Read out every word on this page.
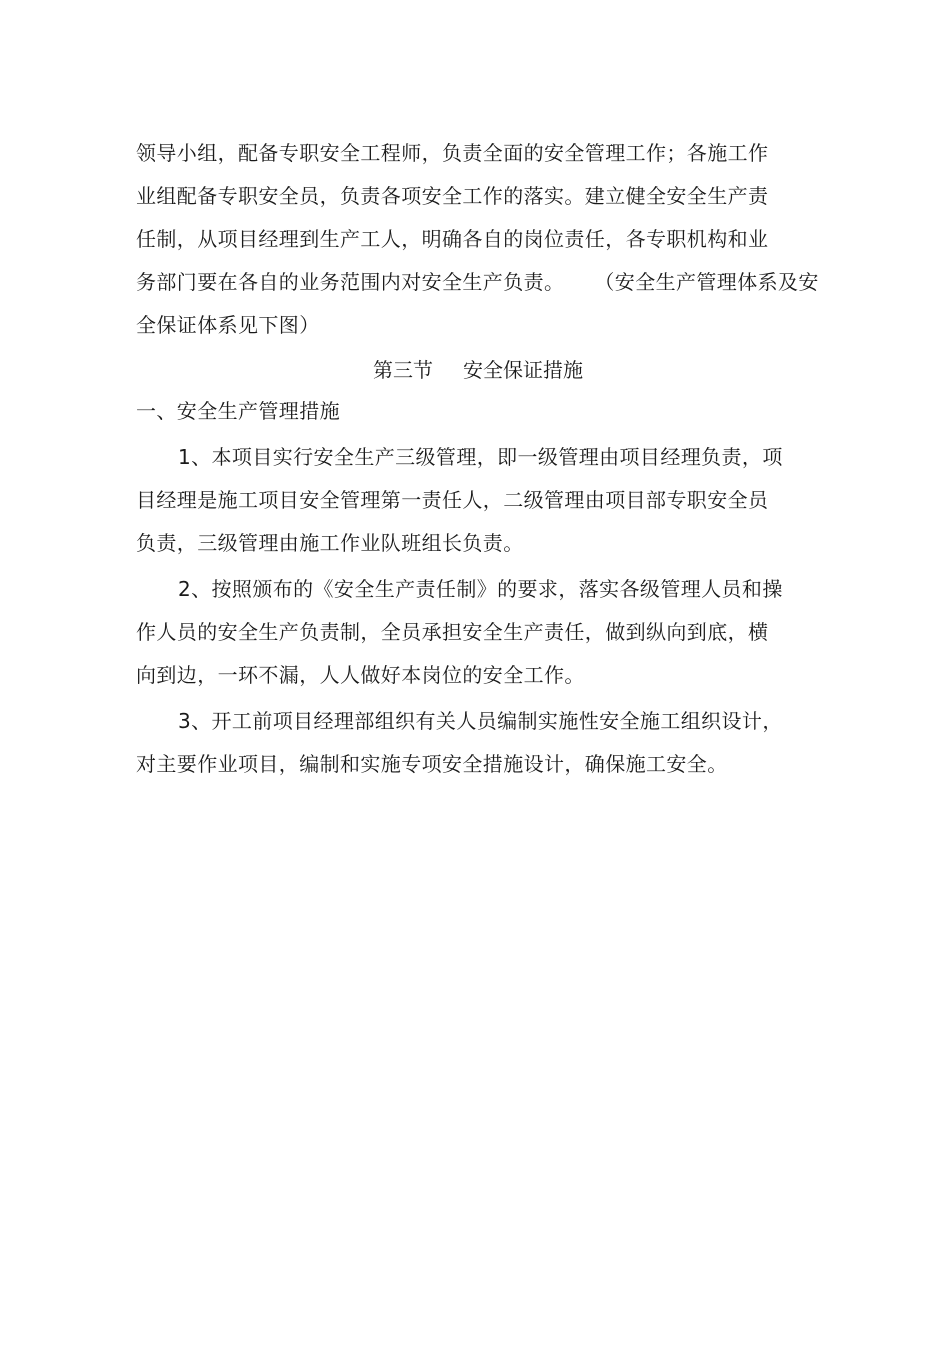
领导小组，配备专职安全工程师，负责全面的安全管理工作；各施工作
业组配备专职安全员，负责各项安全工作的落实。建立健全安全生产责
任制，从项目经理到生产工人，明确各自的岗位责任，各专职机构和业
务部门要在各自的业务范围内对安全生产负责。 （安全生产管理体系及安
全保证体系见下图）
第三节 安全保证措施
一、安全生产管理措施
1、本项目实行安全生产三级管理，即一级管理由项目经理负责，项
目经理是施工项目安全管理第一责任人，二级管理由项目部专职安全员
负责，三级管理由施工作业队班组长负责。
2、按照颁布的《安全生产责任制》的要求，落实各级管理人员和操
作人员的安全生产负责制，全员承担安全生产责任，做到纵向到底，横
向到边，一环不漏，人人做好本岗位的安全工作。
3、开工前项目经理部组织有关人员编制实施性安全施工组织设计，
对主要作业项目，编制和实施专项安全措施设计，确保施工安全。
